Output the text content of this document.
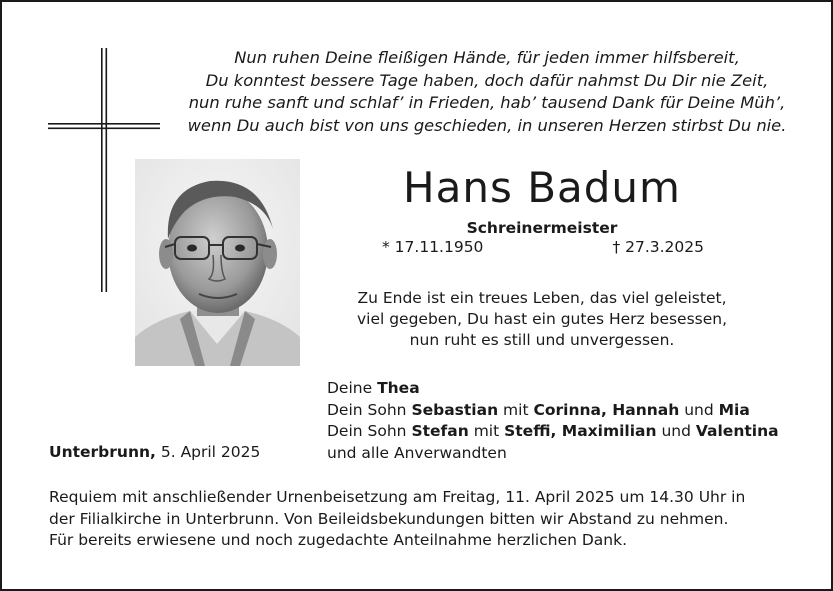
Nun ruhen Deine fleißigen Hände, für jeden immer hilfsbereit,
Du konntest bessere Tage haben, doch dafür nahmst Du Dir nie Zeit,
nun ruhe sanft und schlaf’ in Frieden, hab’ tausend Dank für Deine Müh’,
wenn Du auch bist von uns geschieden, in unseren Herzen stirbst Du nie.
Hans Badum
Schreinermeister
* 17.11.1950	† 27.3.2025
Zu Ende ist ein treues Leben, das viel geleistet,
viel gegeben, Du hast ein gutes Herz besessen,
nun ruht es still und unvergessen.
Deine Thea
Dein Sohn Sebastian mit Corinna, Hannah und Mia
Dein Sohn Stefan mit Steffi, Maximilian und Valentina
und alle Anverwandten
Unterbrunn, 5. April 2025
Requiem mit anschließender Urnenbeisetzung am Freitag, 11. April 2025 um 14.30 Uhr in
der Filialkirche in Unterbrunn. Von Beileidsbekundungen bitten wir Abstand zu nehmen.
Für bereits erwiesene und noch zugedachte Anteilnahme herzlichen Dank.
